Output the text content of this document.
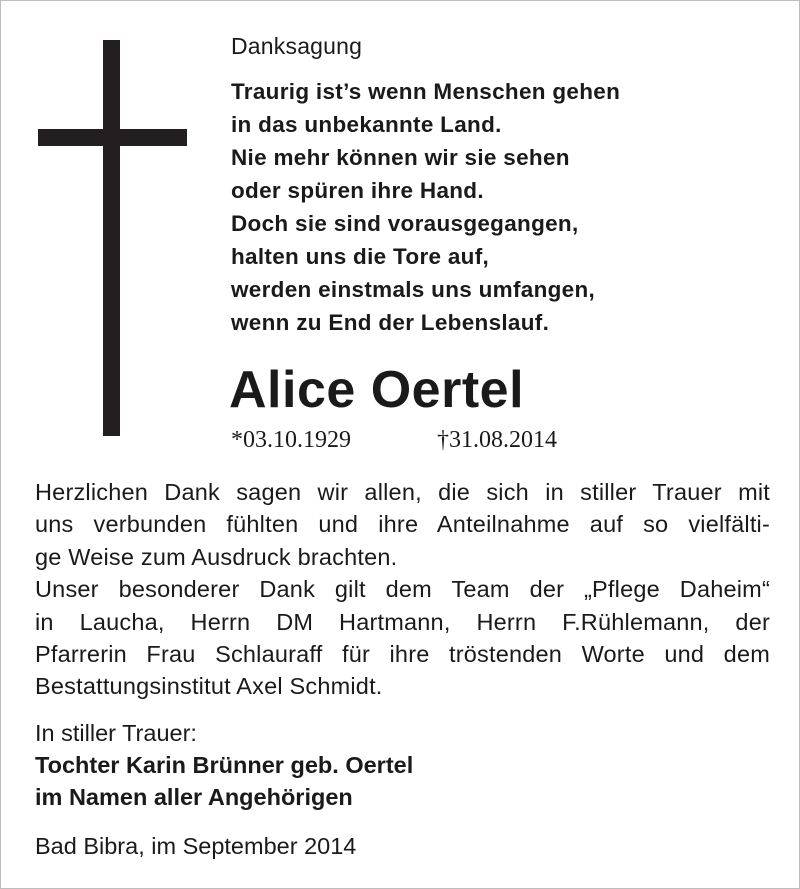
Danksagung
Traurig ist’s wenn Menschen gehen
in das unbekannte Land.
Nie mehr können wir sie sehen
oder spüren ihre Hand.
Doch sie sind vorausgegangen,
halten uns die Tore auf,
werden einstmals uns umfangen,
wenn zu End der Lebenslauf.
Alice Oertel
*03.10.1929	†31.08.2014
Herzlichen Dank sagen wir allen, die sich in stiller Trauer mit
uns verbunden fühlten und ihre Anteilnahme auf so vielfälti-
ge Weise zum Ausdruck brachten.
Unser besonderer Dank gilt dem Team der „Pflege Daheim“
in Laucha, Herrn DM Hartmann, Herrn F.Rühlemann, der
Pfarrerin Frau Schlauraff für ihre tröstenden Worte und dem
Bestattungsinstitut Axel Schmidt.
In stiller Trauer:
Tochter Karin Brünner geb. Oertel
im Namen aller Angehörigen
Bad Bibra, im September 2014
